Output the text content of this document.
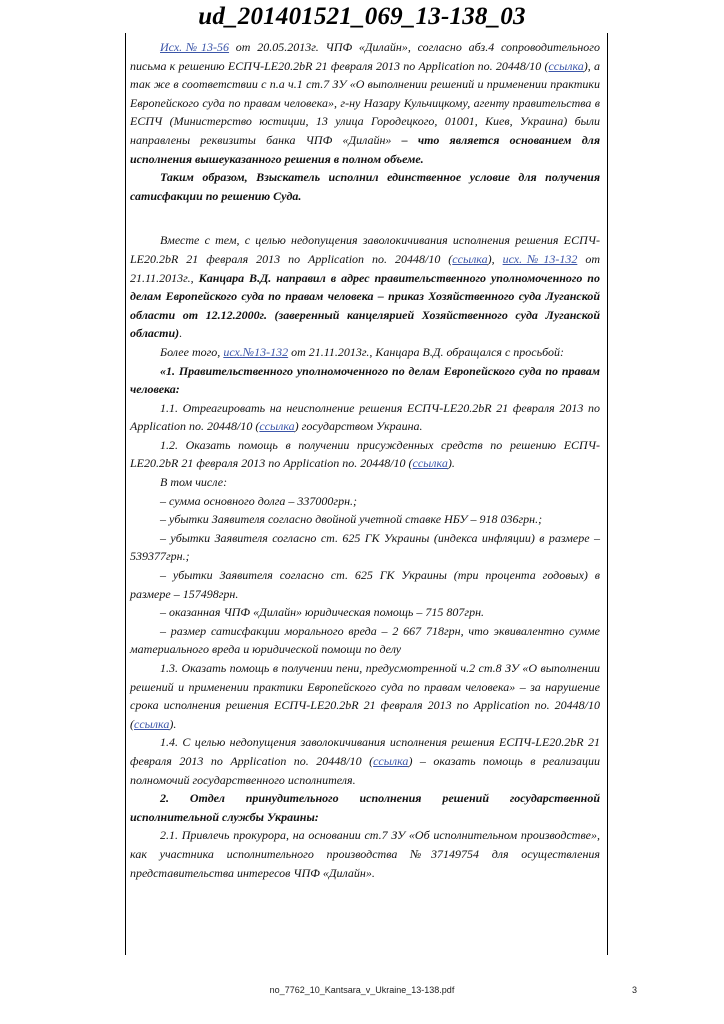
ud_201401521_069_13-138_03

Исх.№13-56 от 20.05.2013г. ЧПФ «Дилайн», согласно абз.4 сопроводительного письма к решению ЕСПЧ-LE20.2bR 21 февраля 2013 по Application no. 20448/10 (ссылка), а так же в соответствии с п.а ч.1 ст.7 ЗУ «О выполнении решений и применении практики Европейского суда по правам человека», г-ну Назару Кульчицкому, агенту правительства в ЕСПЧ (Министерство юстиции, 13 улица Городецкого, 01001, Киев, Украина) были направлены реквизиты банка ЧПФ «Дилайн» – что является основанием для исполнения вышеуказанного решения в полном объеме.

Таким образом, Взыскатель исполнил единственное условие для получения сатисфакции по решению Суда.

Вместе с тем, с целью недопущения заволокичивания исполнения решения ЕСПЧ-LE20.2bR 21 февраля 2013 по Application no. 20448/10 (ссылка), исх.№13-132 от 21.11.2013г., Канцара В.Д. направил в адрес правительственного уполномоченного по делам Европейского суда по правам человека – приказ Хозяйственного суда Луганской области от 12.12.2000г. (заверенный канцелярией Хозяйственного суда Луганской области).

Более того, исх.№13-132 от 21.11.2013г., Канцара В.Д. обращался с просьбой:

«1. Правительственного уполномоченного по делам Европейского суда по правам человека:

1.1. Отреагировать на неисполнение решения ЕСПЧ-LE20.2bR 21 февраля 2013 по Application no. 20448/10 (ссылка) государством Украина.

1.2. Оказать помощь в получении присужденных средств по решению ЕСПЧ-LE20.2bR 21 февраля 2013 по Application no. 20448/10 (ссылка).

В том числе:

– сумма основного долга – 337000грн.;

– убытки Заявителя согласно двойной учетной ставке НБУ – 918 036грн.;

– убытки Заявителя согласно ст. 625 ГК Украины (индекса инфляции) в размере – 539377грн.;

– убытки Заявителя согласно ст. 625 ГК Украины (три процента годовых) в размере – 157498грн.

– оказанная ЧПФ «Дилайн» юридическая помощь – 715 807грн.

– размер сатисфакции морального вреда – 2 667 718грн, что эквивалентно сумме материального вреда и юридической помощи по делу

1.3. Оказать помощь в получении пени, предусмотренной ч.2 ст.8 ЗУ «О выполнении решений и применении практики Европейского суда по правам человека» – за нарушение срока исполнения решения ЕСПЧ-LE20.2bR 21 февраля 2013 по Application no. 20448/10 (ссылка).

1.4. С целью недопущения заволокичивания исполнения решения ЕСПЧ-LE20.2bR 21 февраля 2013 по Application no. 20448/10 (ссылка) – оказать помощь в реализации полномочий государственного исполнителя.

2. Отдел принудительного исполнения решений государственной исполнительной службы Украины:

2.1. Привлечь прокурора, на основании ст.7 ЗУ «Об исполнительном производстве», как участника исполнительного производства №37149754 для осуществления представительства интересов ЧПФ «Дилайн».

no_7762_10_Kantsara_v_Ukraine_13-138.pdf	3
